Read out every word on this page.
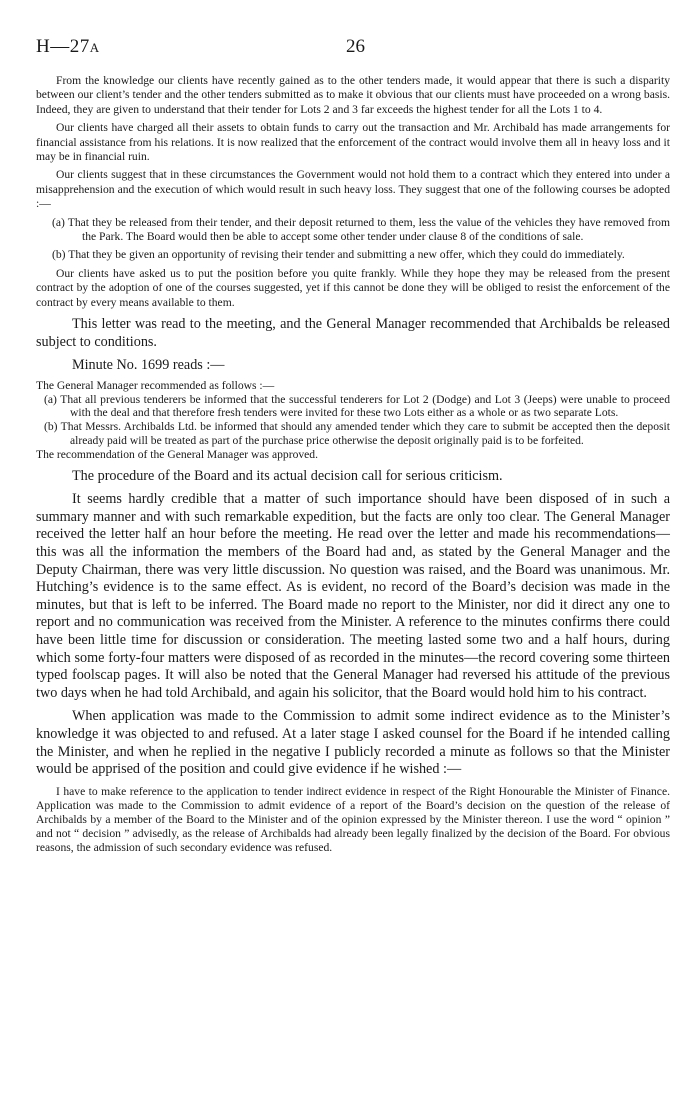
H—27A	26

From the knowledge our clients have recently gained as to the other tenders made, it would appear that there is such a disparity between our client’s tender and the other tenders submitted as to make it obvious that our clients must have proceeded on a wrong basis. Indeed, they are given to understand that their tender for Lots 2 and 3 far exceeds the highest tender for all the Lots 1 to 4.

Our clients have charged all their assets to obtain funds to carry out the transaction and Mr. Archibald has made arrangements for financial assistance from his relations. It is now realized that the enforcement of the contract would involve them all in heavy loss and it may be in financial ruin.

Our clients suggest that in these circumstances the Government would not hold them to a contract which they entered into under a misapprehension and the execution of which would result in such heavy loss. They suggest that one of the following courses be adopted :—

(a) That they be released from their tender, and their deposit returned to them, less the value of the vehicles they have removed from the Park. The Board would then be able to accept some other tender under clause 8 of the conditions of sale.
(b) That they be given an opportunity of revising their tender and submitting a new offer, which they could do immediately.

Our clients have asked us to put the position before you quite frankly. While they hope they may be released from the present contract by the adoption of one of the courses suggested, yet if this cannot be done they will be obliged to resist the enforcement of the contract by every means available to them.

This letter was read to the meeting, and the General Manager recommended that Archibalds be released subject to conditions.

Minute No. 1699 reads :—

The General Manager recommended as follows :—

(a) That all previous tenderers be informed that the successful tenderers for Lot 2 (Dodge) and Lot 3 (Jeeps) were unable to proceed with the deal and that therefore fresh tenders were invited for these two Lots either as a whole or as two separate Lots.
(b) That Messrs. Archibalds Ltd. be informed that should any amended tender which they care to submit be accepted then the deposit already paid will be treated as part of the purchase price otherwise the deposit originally paid is to be forfeited.

The recommendation of the General Manager was approved.

The procedure of the Board and its actual decision call for serious criticism.

It seems hardly credible that a matter of such importance should have been disposed of in such a summary manner and with such remarkable expedition, but the facts are only too clear. The General Manager received the letter half an hour before the meeting. He read over the letter and made his recommendations—this was all the information the members of the Board had and, as stated by the General Manager and the Deputy Chairman, there was very little discussion. No question was raised, and the Board was unanimous. Mr. Hutching’s evidence is to the same effect. As is evident, no record of the Board’s decision was made in the minutes, but that is left to be inferred. The Board made no report to the Minister, nor did it direct any one to report and no communication was received from the Minister. A reference to the minutes confirms there could have been little time for discussion or consideration. The meeting lasted some two and a half hours, during which some forty-four matters were disposed of as recorded in the minutes—the record covering some thirteen typed foolscap pages. It will also be noted that the General Manager had reversed his attitude of the previous two days when he had told Archibald, and again his solicitor, that the Board would hold him to his contract.

When application was made to the Commission to admit some indirect evidence as to the Minister’s knowledge it was objected to and refused. At a later stage I asked counsel for the Board if he intended calling the Minister, and when he replied in the negative I publicly recorded a minute as follows so that the Minister would be apprised of the position and could give evidence if he wished :—

I have to make reference to the application to tender indirect evidence in respect of the Right Honourable the Minister of Finance. Application was made to the Commission to admit evidence of a report of the Board’s decision on the question of the release of Archibalds by a member of the Board to the Minister and of the opinion expressed by the Minister thereon. I use the word “ opinion ” and not “ decision ” advisedly, as the release of Archibalds had already been legally finalized by the decision of the Board. For obvious reasons, the admission of such secondary evidence was refused.
